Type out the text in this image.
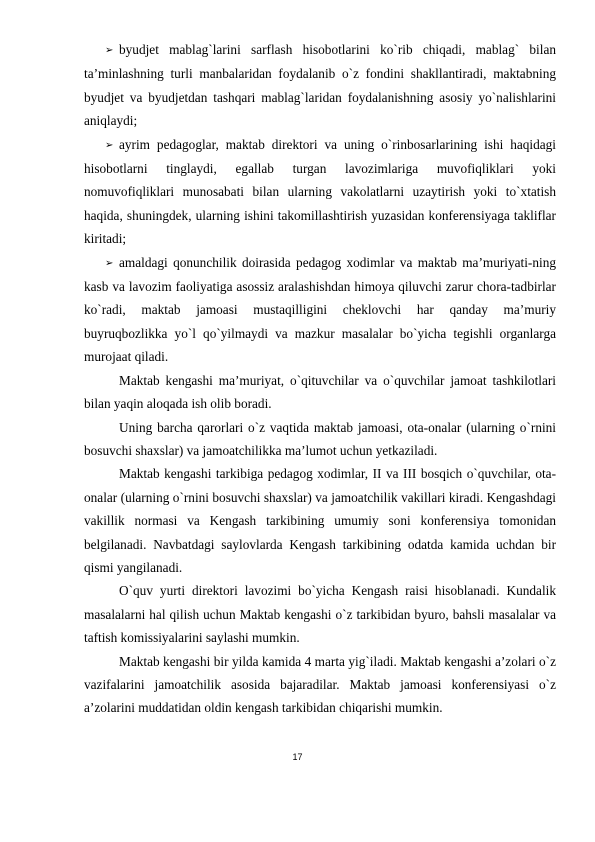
➢ byudjet mablag`larini sarflash hisobotlarini ko`rib chiqadi, mablag` bilan ta’minlashning turli manbalaridan foydalanib o`z fondini shakllantiradi, maktabning byudjet va byudjetdan tashqari mablag`laridan foydalanishning asosiy yo`nalishlarini aniqlaydi;

➢ ayrim pedagoglar, maktab direktori va uning o`rinbosarlarining ishi haqidagi hisobotlarni tinglaydi, egallab turgan lavozimlariga muvofiqliklari yoki nomuvofiqliklari munosabati bilan ularning vakolatlarni uzaytirish yoki to`xtatish haqida, shuningdek, ularning ishini takomillashtirish yuzasidan konferensiyaga takliflar kiritadi;

➢ amaldagi qonunchilik doirasida pedagog xodimlar va maktab ma’muriyati-ning kasb va lavozim faoliyatiga asossiz aralashishdan himoya qiluvchi zarur chora-tadbirlar ko`radi, maktab jamoasi mustaqilligini cheklovchi har qanday ma’muriy buyruqbozlikka yo`l qo`yilmaydi va mazkur masalalar bo`yicha tegishli organlarga murojaat qiladi.

Maktab kengashi ma’muriyat, o`qituvchilar va o`quvchilar jamoat tashkilotlari bilan yaqin aloqada ish olib boradi.

Uning barcha qarorlari o`z vaqtida maktab jamoasi, ota-onalar (ularning o`rnini bosuvchi shaxslar) va jamoatchilikka ma’lumot uchun yetkaziladi.

Maktab kengashi tarkibiga pedagog xodimlar, II va III bosqich o`quvchilar, ota-onalar (ularning o`rnini bosuvchi shaxslar) va jamoatchilik vakillari kiradi. Kengashdagi vakillik normasi va Kengash tarkibining umumiy soni konferensiya tomonidan belgilanadi. Navbatdagi saylovlarda Kengash tarkibining odatda kamida uchdan bir qismi yangilanadi.

O`quv yurti direktori lavozimi bo`yicha Kengash raisi hisoblanadi. Kundalik masalalarni hal qilish uchun Maktab kengashi o`z tarkibidan byuro, bahsli masalalar va taftish komissiyalarini saylashi mumkin.

Maktab kengashi bir yilda kamida 4 marta yig`iladi. Maktab kengashi a’zolari o`z vazifalarini jamoatchilik asosida bajaradilar. Maktab jamoasi konferensiyasi o`z a’zolarini muddatidan oldin kengash tarkibidan chiqarishi mumkin.

17
